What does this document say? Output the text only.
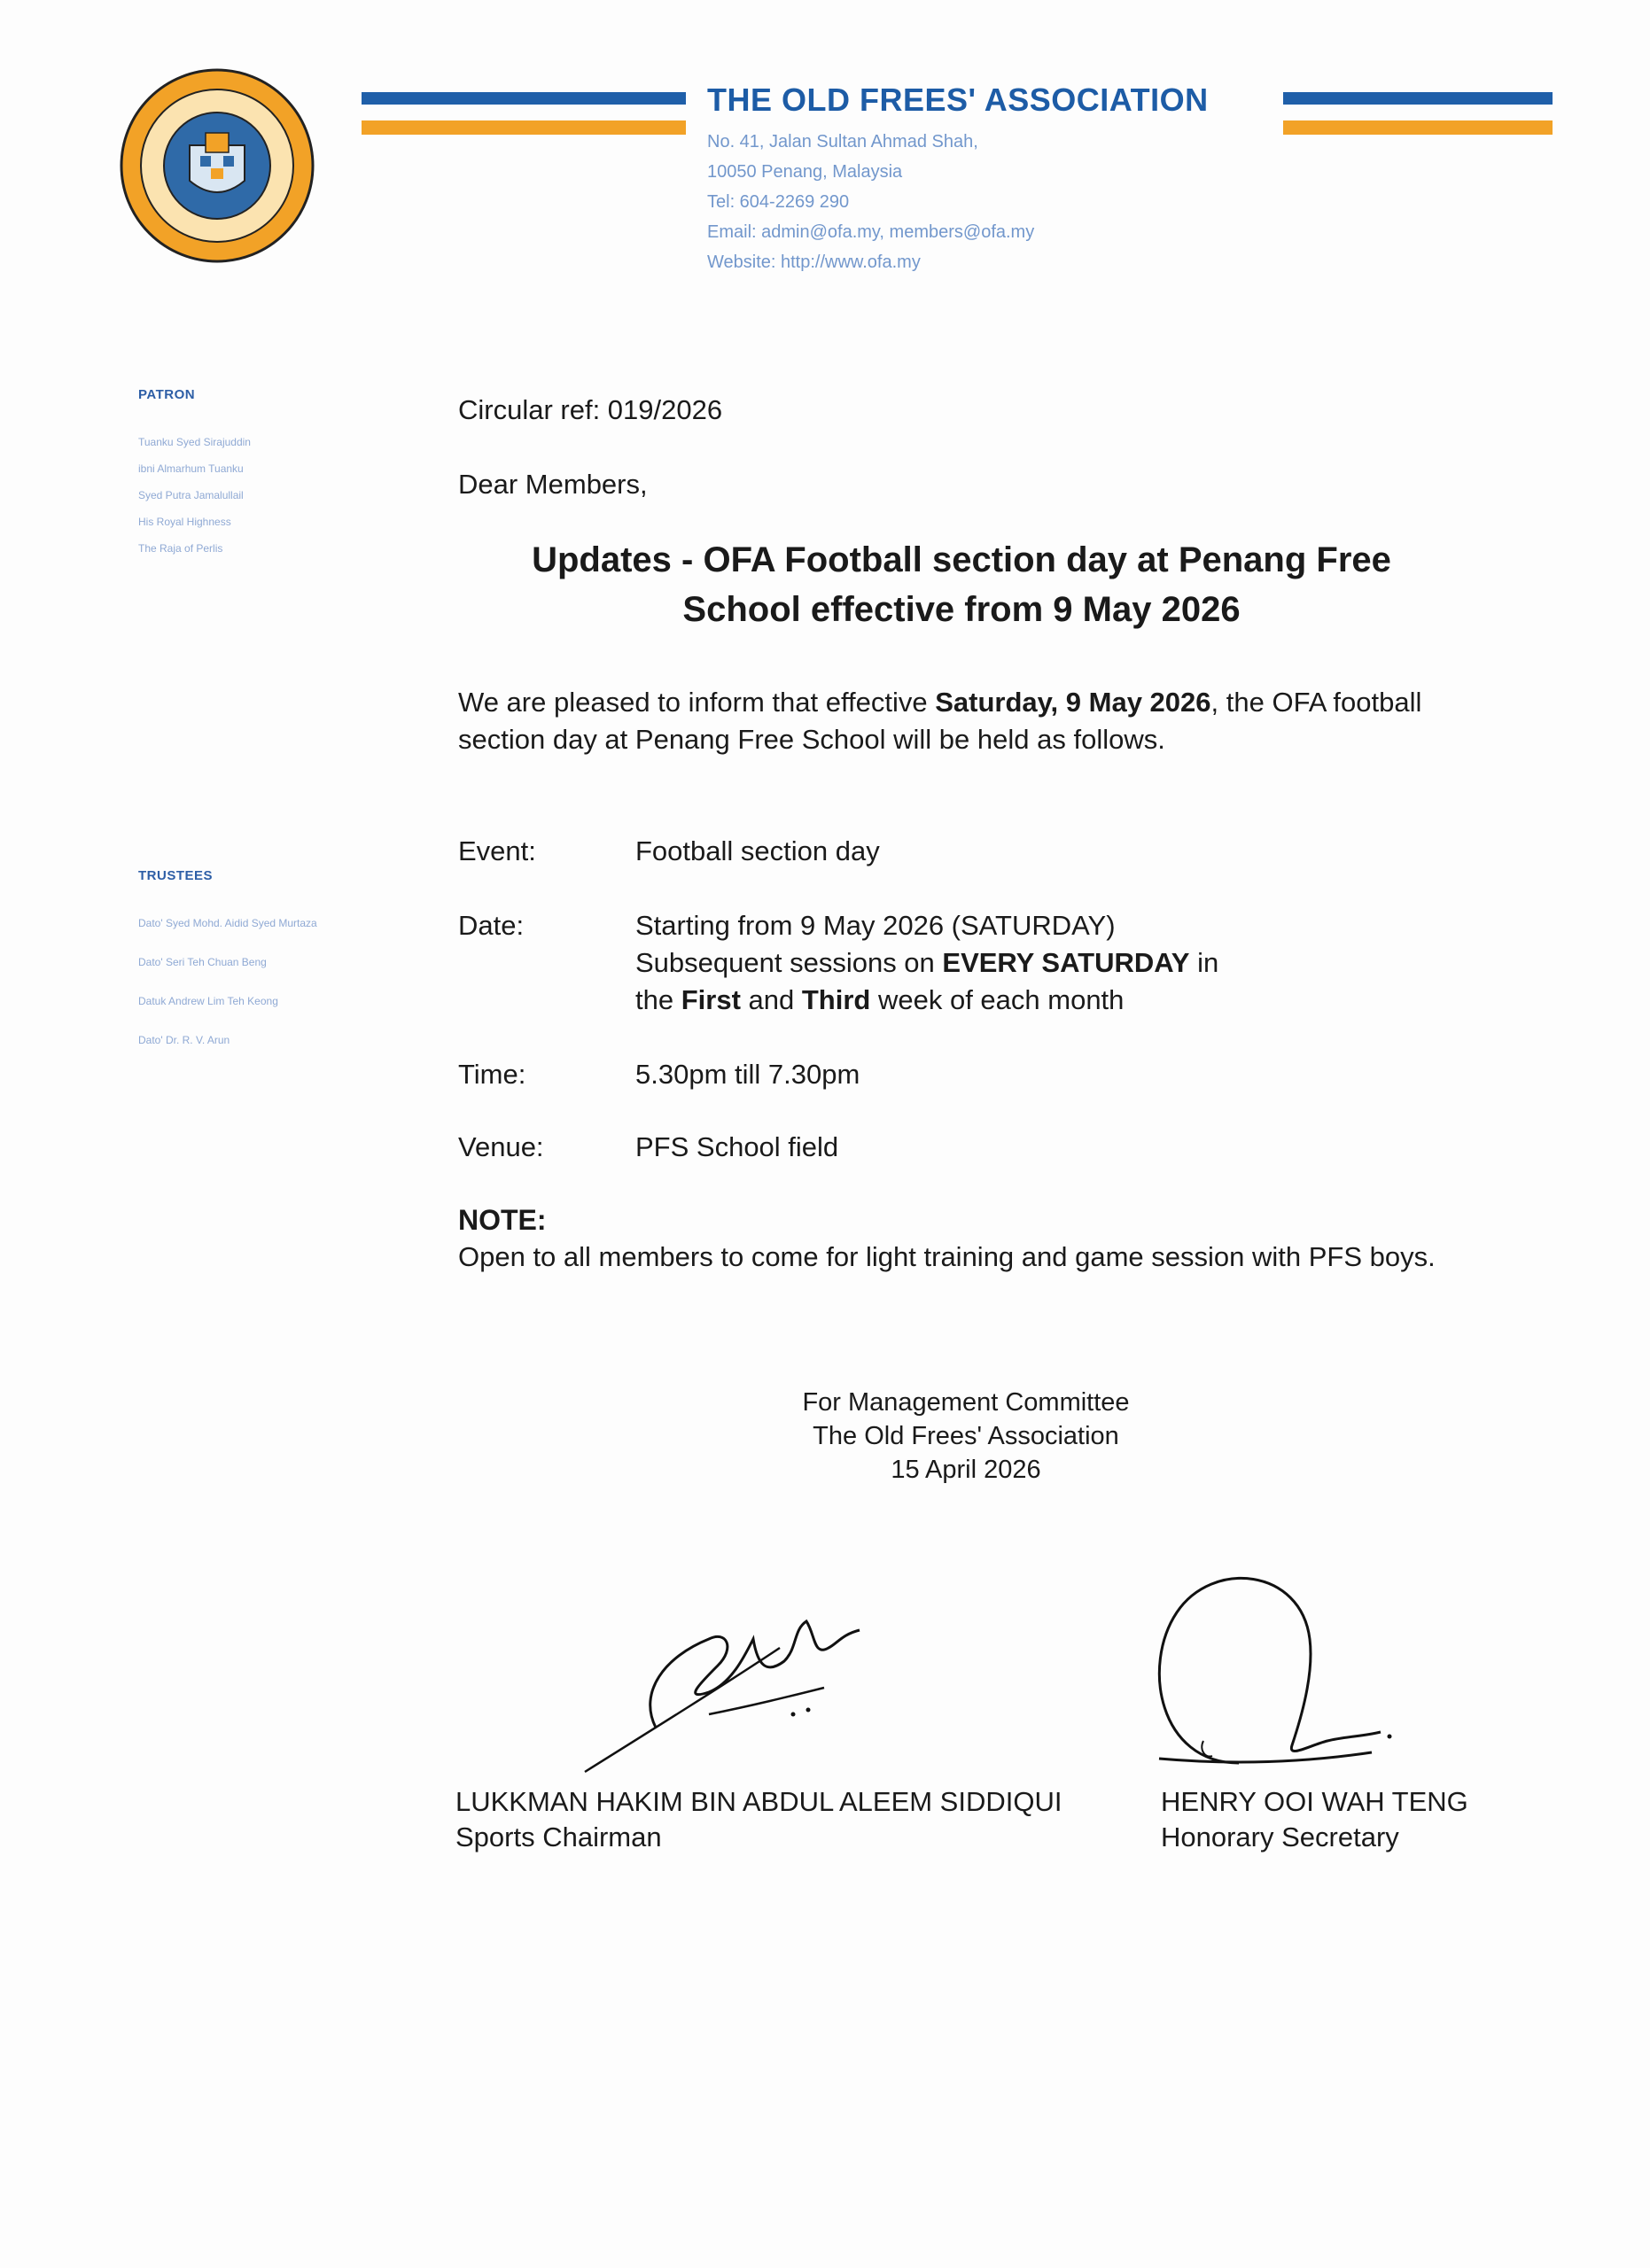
THE OLD FREES' ASSOCIATION
No. 41, Jalan Sultan Ahmad Shah,
10050 Penang, Malaysia
Tel: 604-2269 290
Email: admin@ofa.my, members@ofa.my
Website: http://www.ofa.my
PATRON
Tuanku Syed Sirajuddin
ibni Almarhum Tuanku
Syed Putra Jamalullail
His Royal Highness
The Raja of Perlis
TRUSTEES
Dato' Syed Mohd. Aidid Syed Murtaza
Dato' Seri Teh Chuan Beng
Datuk Andrew Lim Teh Keong
Dato' Dr. R. V. Arun
Circular ref: 019/2026
Dear Members,
Updates - OFA Football section day at Penang Free
School effective from 9 May 2026
We are pleased to inform that effective Saturday, 9 May 2026, the OFA football section day at Penang Free School will be held as follows.
Event:	Football section day
Date:	Starting from 9 May 2026 (SATURDAY)
Subsequent sessions on EVERY SATURDAY in
the First and Third week of each month
Time:	5.30pm till 7.30pm
Venue:	PFS School field
NOTE:
Open to all members to come for light training and game session with PFS boys.
For Management Committee
The Old Frees' Association
15 April 2026
LUKKMAN HAKIM BIN ABDUL ALEEM SIDDIQUI
Sports Chairman
HENRY OOI WAH TENG
Honorary Secretary
